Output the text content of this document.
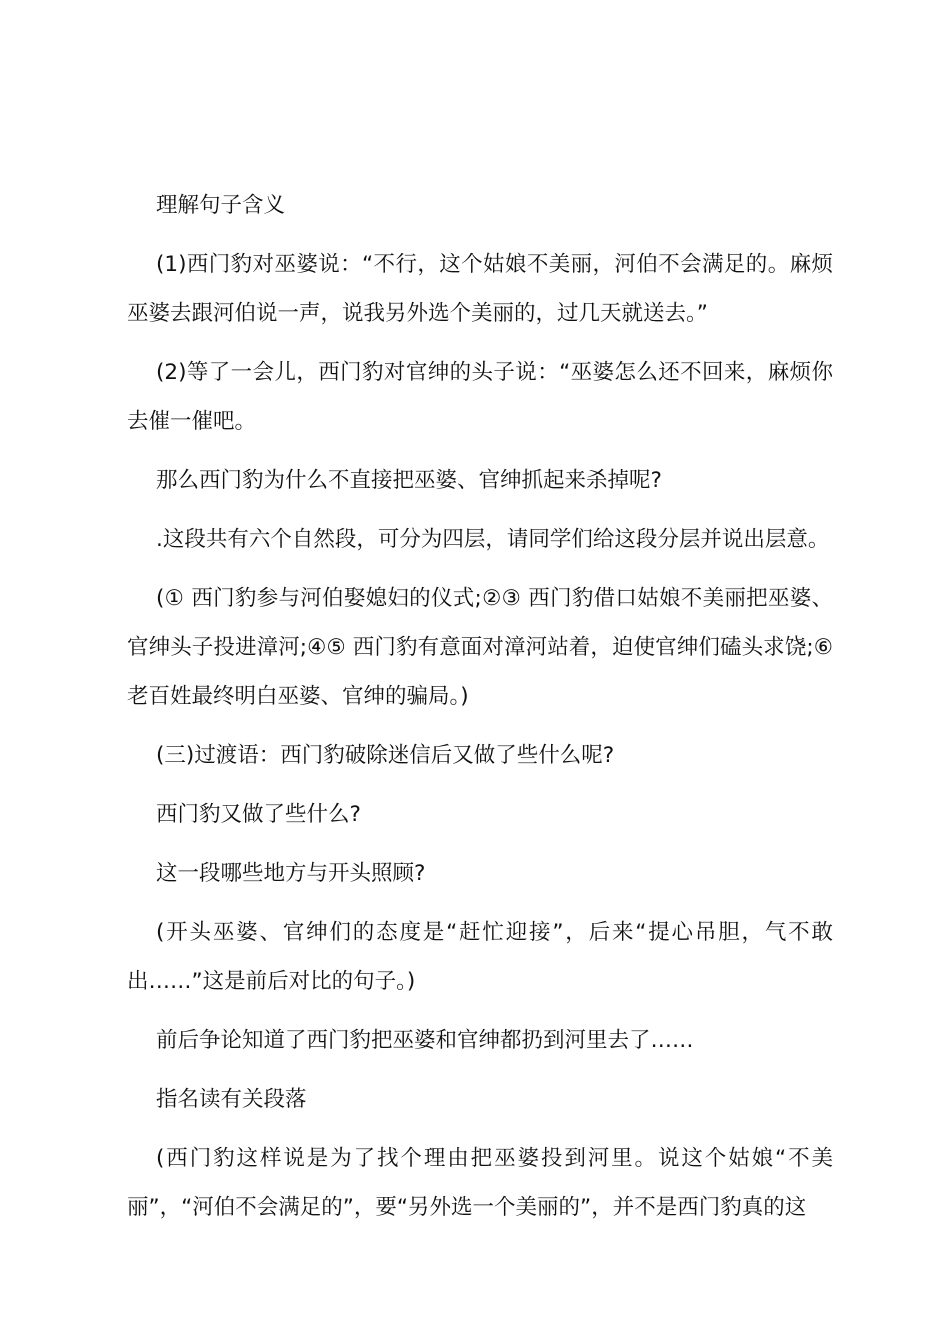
理解句子含义

(1)西门豹对巫婆说：“不行，这个姑娘不美丽，河伯不会满足的。麻烦巫婆去跟河伯说一声，说我另外选个美丽的，过几天就送去。”

(2)等了一会儿，西门豹对官绅的头子说：“巫婆怎么还不回来，麻烦你去催一催吧。

那么西门豹为什么不直接把巫婆、官绅抓起来杀掉呢?

.这段共有六个自然段，可分为四层，请同学们给这段分层并说出层意。

(① 西门豹参与河伯娶媳妇的仪式;②③ 西门豹借口姑娘不美丽把巫婆、官绅头子投进漳河;④⑤ 西门豹有意面对漳河站着，迫使官绅们磕头求饶;⑥ 老百姓最终明白巫婆、官绅的骗局。)

(三)过渡语：西门豹破除迷信后又做了些什么呢?

西门豹又做了些什么?

这一段哪些地方与开头照顾?

(开头巫婆、官绅们的态度是“赶忙迎接”，后来“提心吊胆，气不敢出……”这是前后对比的句子。)

前后争论知道了西门豹把巫婆和官绅都扔到河里去了……

指名读有关段落

(西门豹这样说是为了找个理由把巫婆投到河里。说这个姑娘“不美丽”，“河伯不会满足的”，要“另外选一个美丽的”，并不是西门豹真的这
